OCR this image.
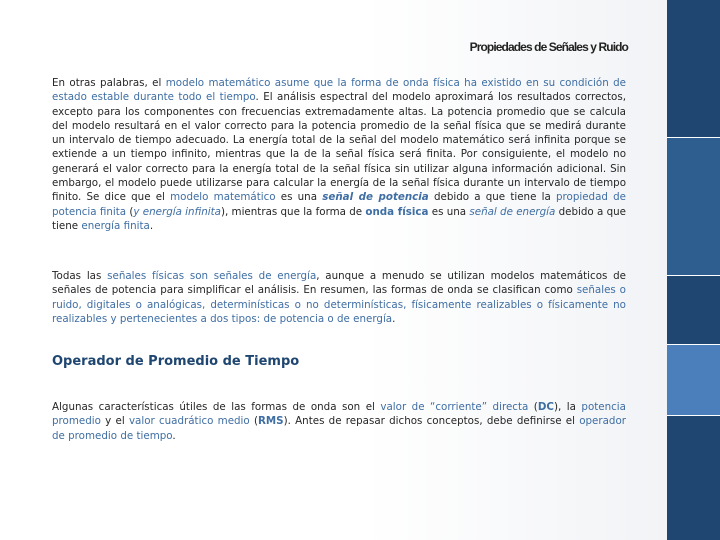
Propiedades de Señales y Ruido

En otras palabras, el modelo matemático asume que la forma de onda física ha existido en su condición de estado estable durante todo el tiempo. El análisis espectral del modelo aproximará los resultados correctos, excepto para los componentes con frecuencias extremadamente altas. La potencia promedio que se calcula del modelo resultará en el valor correcto para la potencia promedio de la señal física que se medirá durante un intervalo de tiempo adecuado. La energía total de la señal del modelo matemático será infinita porque se extiende a un tiempo infinito, mientras que la de la señal física será finita. Por consiguiente, el modelo no generará el valor correcto para la energía total de la señal física sin utilizar alguna información adicional. Sin embargo, el modelo puede utilizarse para calcular la energía de la señal física durante un intervalo de tiempo finito. Se dice que el modelo matemático es una señal de potencia debido a que tiene la propiedad de potencia finita (y energía infinita), mientras que la forma de onda física es una señal de energía debido a que tiene energía finita.

Todas las señales físicas son señales de energía, aunque a menudo se utilizan modelos matemáticos de señales de potencia para simplificar el análisis. En resumen, las formas de onda se clasifican como señales o ruido, digitales o analógicas, determinísticas o no determinísticas, físicamente realizables o físicamente no realizables y pertenecientes a dos tipos: de potencia o de energía.

Operador de Promedio de Tiempo

Algunas características útiles de las formas de onda son el valor de “corriente” directa (DC), la potencia promedio y el valor cuadrático medio (RMS). Antes de repasar dichos conceptos, debe definirse el operador de promedio de tiempo.
